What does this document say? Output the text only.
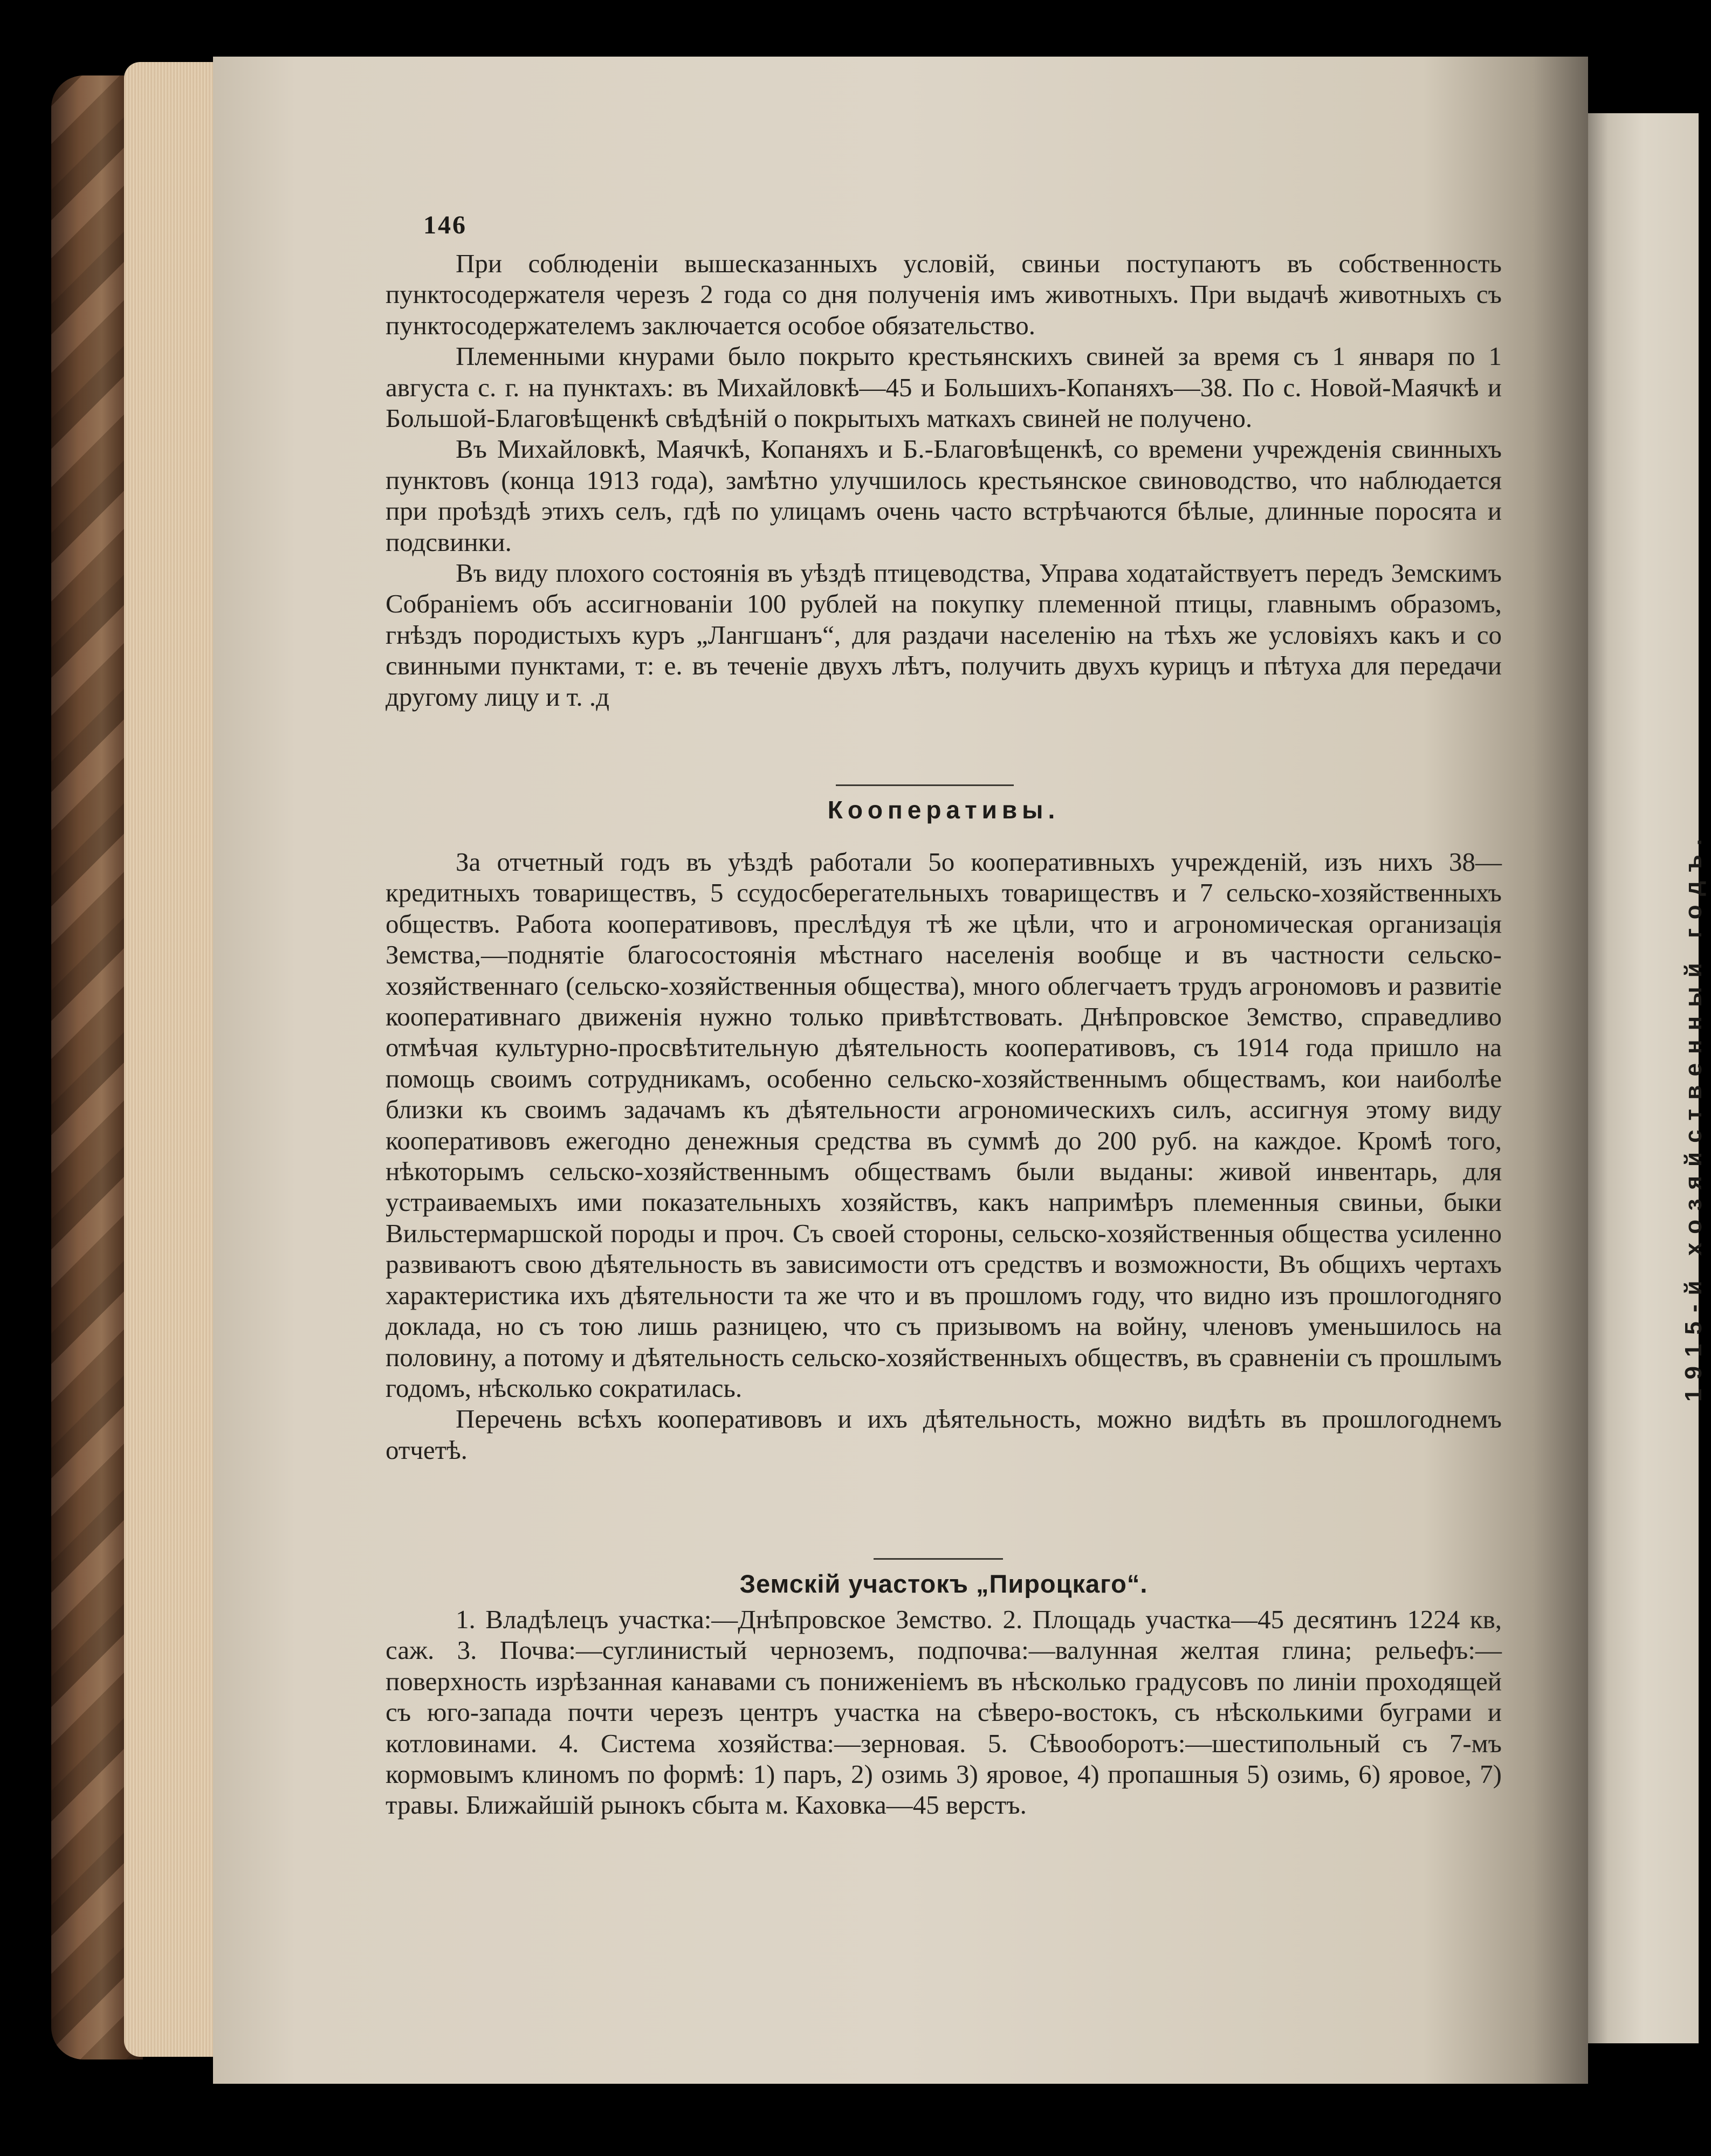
146

При соблюденіи вышесказанныхъ условій, свиньи поступаютъ въ собственность пунктосодержателя черезъ 2 года со дня полученія имъ животныхъ. При выдачѣ животныхъ съ пунктосодержателемъ заключается особое обязательство.

Племенными кнурами было покрыто крестьянскихъ свиней за время съ 1 января по 1 августа с. г. на пунктахъ: въ Михайловкѣ—45 и Большихъ-Копаняхъ—38. По с. Новой-Маячкѣ и Большой-Благовѣщенкѣ свѣдѣній о покрытыхъ маткахъ свиней не получено.

Въ Михайловкѣ, Маячкѣ, Копаняхъ и Б.-Благовѣщенкѣ, со времени учрежденія свинныхъ пунктовъ (конца 1913 года), замѣтно улучшилось крестьянское свиноводство, что наблюдается при проѣздѣ этихъ селъ, гдѣ по улицамъ очень часто встрѣчаются бѣлые, длинные поросята и подсвинки.

Въ виду плохого состоянія въ уѣздѣ птицеводства, Управа ходатайствуетъ передъ Земскимъ Собраніемъ объ ассигнованіи 100 рублей на покупку племенной птицы, главнымъ образомъ, гнѣздъ породистыхъ куръ „Лангшанъ“, для раздачи населенію на тѣхъ же условіяхъ какъ и со свинными пунктами, т: е. въ теченіе двухъ лѣтъ, получить двухъ курицъ и пѣтуха для передачи другому лицу и т. .д

Кооперативы.

За отчетный годъ въ уѣздѣ работали 5о кооперативныхъ учрежденій, изъ нихъ 38—кредитныхъ товариществъ, 5 ссудосберегательныхъ товариществъ и 7 сельско-хозяйственныхъ обществъ. Работа кооперативовъ, преслѣдуя тѣ же цѣли, что и агрономическая организація Земства,—поднятіе благосостоянія мѣстнаго населенія вообще и въ частности сельско-хозяйственнаго (сельско-хозяйственныя общества), много облегчаетъ трудъ агрономовъ и развитіе кооперативнаго движенія нужно только привѣтствовать. Днѣпровское Земство, справедливо отмѣчая культурно-просвѣтительную дѣятельность кооперативовъ, съ 1914 года пришло на помощь своимъ сотрудникамъ, особенно сельско-хозяйственнымъ обществамъ, кои наиболѣе близки къ своимъ задачамъ къ дѣятельности агрономическихъ силъ, ассигнуя этому виду кооперативовъ ежегодно денежныя средства въ суммѣ до 200 руб. на каждое. Кромѣ того, нѣкоторымъ сельско-хозяйственнымъ обществамъ были выданы: живой инвентарь, для устраиваемыхъ ими показательныхъ хозяйствъ, какъ напримѣръ племенныя свиньи, быки Вильстермаршской породы и проч. Съ своей стороны, сельско-хозяйственныя общества усиленно развиваютъ свою дѣятельность въ зависимости отъ средствъ и возможности, Въ общихъ чертахъ характеристика ихъ дѣятельности та же что и въ прошломъ году, что видно изъ прошлогодняго доклада, но съ тою лишь разницею, что съ призывомъ на войну, членовъ уменьшилось на половину, а потому и дѣятельность сельско-хозяйственныхъ обществъ, въ сравненіи съ прошлымъ годомъ, нѣсколько сократилась.

Перечень всѣхъ кооперативовъ и ихъ дѣятельность, можно видѣть въ прошлогоднемъ отчетѣ.

Земскій участокъ „Пироцкаго“.

1. Владѣлецъ участка:—Днѣпровское Земство. 2. Площадь участка—45 десятинъ 1224 кв, саж. 3. Почва:—суглинистый черноземъ, подпочва:—валунная желтая глина; рельефъ:—поверхность изрѣзанная канавами съ пониженіемъ въ нѣсколько градусовъ по линіи проходящей съ юго-запада почти черезъ центръ участка на сѣверо-востокъ, съ нѣсколькими буграми и котловинами. 4. Система хозяйства:—зерновая. 5. Сѣвооборотъ:—шестипольный съ 7-мъ кормовымъ клиномъ по формѣ: 1) паръ, 2) озимь 3) яровое, 4) пропашныя 5) озимь, 6) яровое, 7) травы. Ближайшій рынокъ сбыта м. Каховка—45 верстъ.

1915-й хозяйственный годъ.
